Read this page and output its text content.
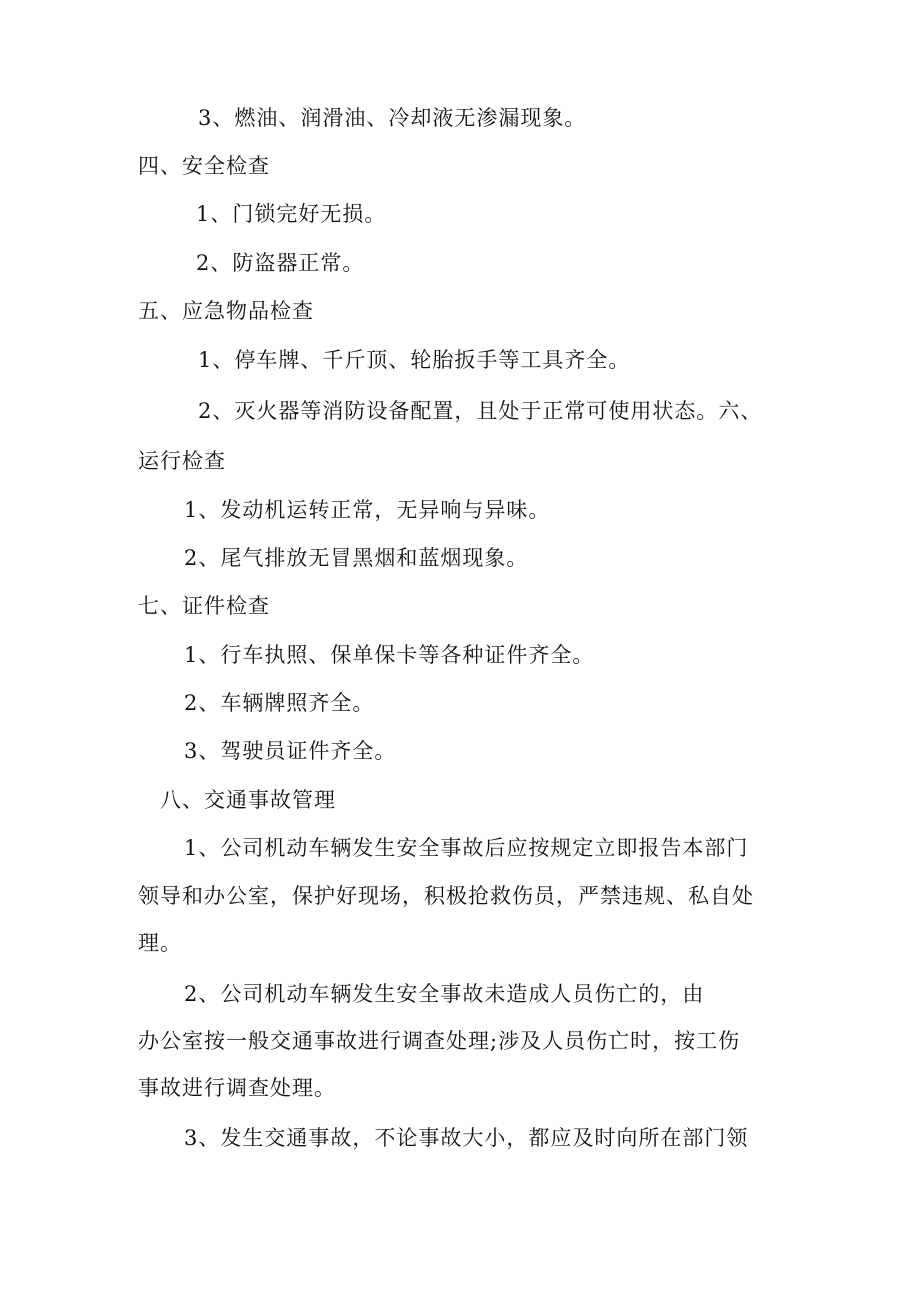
3、燃油、润滑油、冷却液无渗漏现象。
四、安全检查
1、门锁完好无损。
2、防盗器正常。
五、应急物品检查
1、停车牌、千斤顶、轮胎扳手等工具齐全。
2、灭火器等消防设备配置，且处于正常可使用状态。六、
运行检查
1、发动机运转正常，无异响与异味。
2、尾气排放无冒黑烟和蓝烟现象。
七、证件检查
1、行车执照、保单保卡等各种证件齐全。
2、车辆牌照齐全。
3、驾驶员证件齐全。
八、交通事故管理
1、公司机动车辆发生安全事故后应按规定立即报告本部门
领导和办公室，保护好现场，积极抢救伤员，严禁违规、私自处
理。
2、公司机动车辆发生安全事故未造成人员伤亡的，由
办公室按一般交通事故进行调查处理;涉及人员伤亡时，按工伤
事故进行调查处理。
3、发生交通事故，不论事故大小，都应及时向所在部门领
